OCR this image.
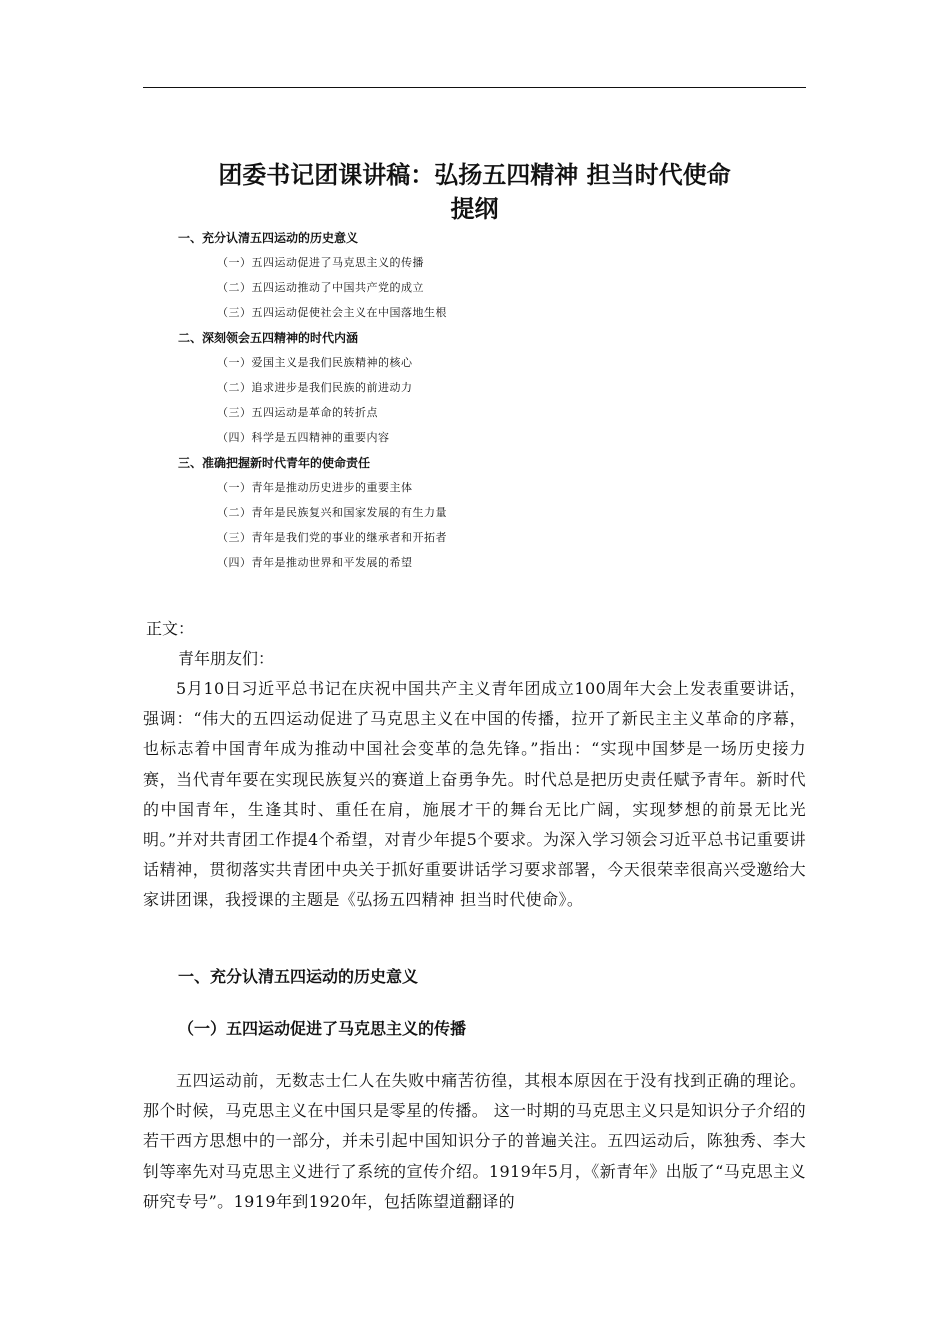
团委书记团课讲稿：弘扬五四精神 担当时代使命
提纲
一、充分认清五四运动的历史意义
（一）五四运动促进了马克思主义的传播
（二）五四运动推动了中国共产党的成立
（三）五四运动促使社会主义在中国落地生根
二、深刻领会五四精神的时代内涵
（一）爱国主义是我们民族精神的核心
（二）追求进步是我们民族的前进动力
（三）五四运动是革命的转折点
（四）科学是五四精神的重要内容
三、准确把握新时代青年的使命责任
（一）青年是推动历史进步的重要主体
（二）青年是民族复兴和国家发展的有生力量
（三）青年是我们党的事业的继承者和开拓者
（四）青年是推动世界和平发展的希望
正文：
青年朋友们：

5月10日习近平总书记在庆祝中国共产主义青年团成立100周年大会上发表重要讲话，强调：“伟大的五四运动促进了马克思主义在中国的传播，拉开了新民主主义革命的序幕，也标志着中国青年成为推动中国社会变革的急先锋。”指出：“实现中国梦是一场历史接力赛，当代青年要在实现民族复兴的赛道上奋勇争先。时代总是把历史责任赋予青年。新时代的中国青年，生逢其时、重任在肩，施展才干的舞台无比广阔，实现梦想的前景无比光明。”并对共青团工作提4个希望，对青少年提5个要求。为深入学习领会习近平总书记重要讲话精神，贯彻落实共青团中央关于抓好重要讲话学习要求部署，今天很荣幸很高兴受邀给大家讲团课，我授课的主题是《弘扬五四精神 担当时代使命》。

一、充分认清五四运动的历史意义
（一）五四运动促进了马克思主义的传播

五四运动前，无数志士仁人在失败中痛苦彷徨，其根本原因在于没有找到正确的理论。那个时候，马克思主义在中国只是零星的传播。 这一时期的马克思主义只是知识分子介绍的若干西方思想中的一部分，并未引起中国知识分子的普遍关注。五四运动后，陈独秀、李大钊等率先对马克思主义进行了系统的宣传介绍。1919年5月，《新青年》出版了“马克思主义研究专号”。1919年到1920年，包括陈望道翻译的
